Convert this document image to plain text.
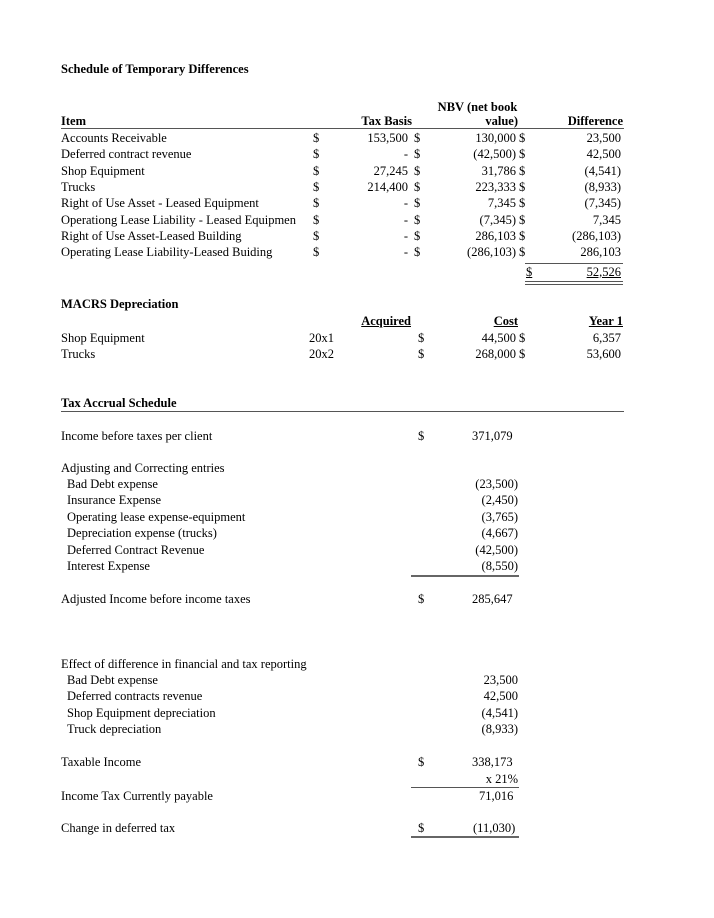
Schedule of Temporary Differences
Item	Tax Basis
NBV (net book
value)	Difference
Accounts Receivable	$	153,500 $	130,000 $	23,500
Deferred contract revenue	$	- $	(42,500) $	42,500
Shop Equipment	$	27,245 $	31,786 $	(4,541)
Trucks	$	214,400 $	223,333 $	(8,933)
Right of Use Asset - Leased Equipment	$	- $	7,345 $	(7,345)
Operationg Lease Liability - Leased Equipmen $	- $	(7,345) $	7,345
Right of Use Asset-Leased Building	$	- $	286,103 $	(286,103)
Operating Lease Liability-Leased Buiding	$	- $	(286,103) $	286,103
$	52,526
MACRS Depreciation
Acquired	Cost	Year 1
Shop Equipment	20x1	$	44,500 $	6,357
Trucks	20x2	$	268,000 $	53,600
Tax Accrual Schedule
Income before taxes per client	$	371,079
Adjusting and Correcting entries
Bad Debt expense	(23,500)
Insurance Expense	(2,450)
Operating lease expense-equipment	(3,765)
Depreciation expense (trucks)	(4,667)
Deferred Contract Revenue	(42,500)
Interest Expense	(8,550)
Adjusted Income before income taxes	$	285,647
Effect of difference in financial and tax reporting
Bad Debt expense	23,500
Deferred contracts revenue	42,500
Shop Equipment depreciation	(4,541)
Truck depreciation	(8,933)
Taxable Income	$	338,173
x 21%
Income Tax Currently payable	71,016
Change in deferred tax	$	(11,030)
